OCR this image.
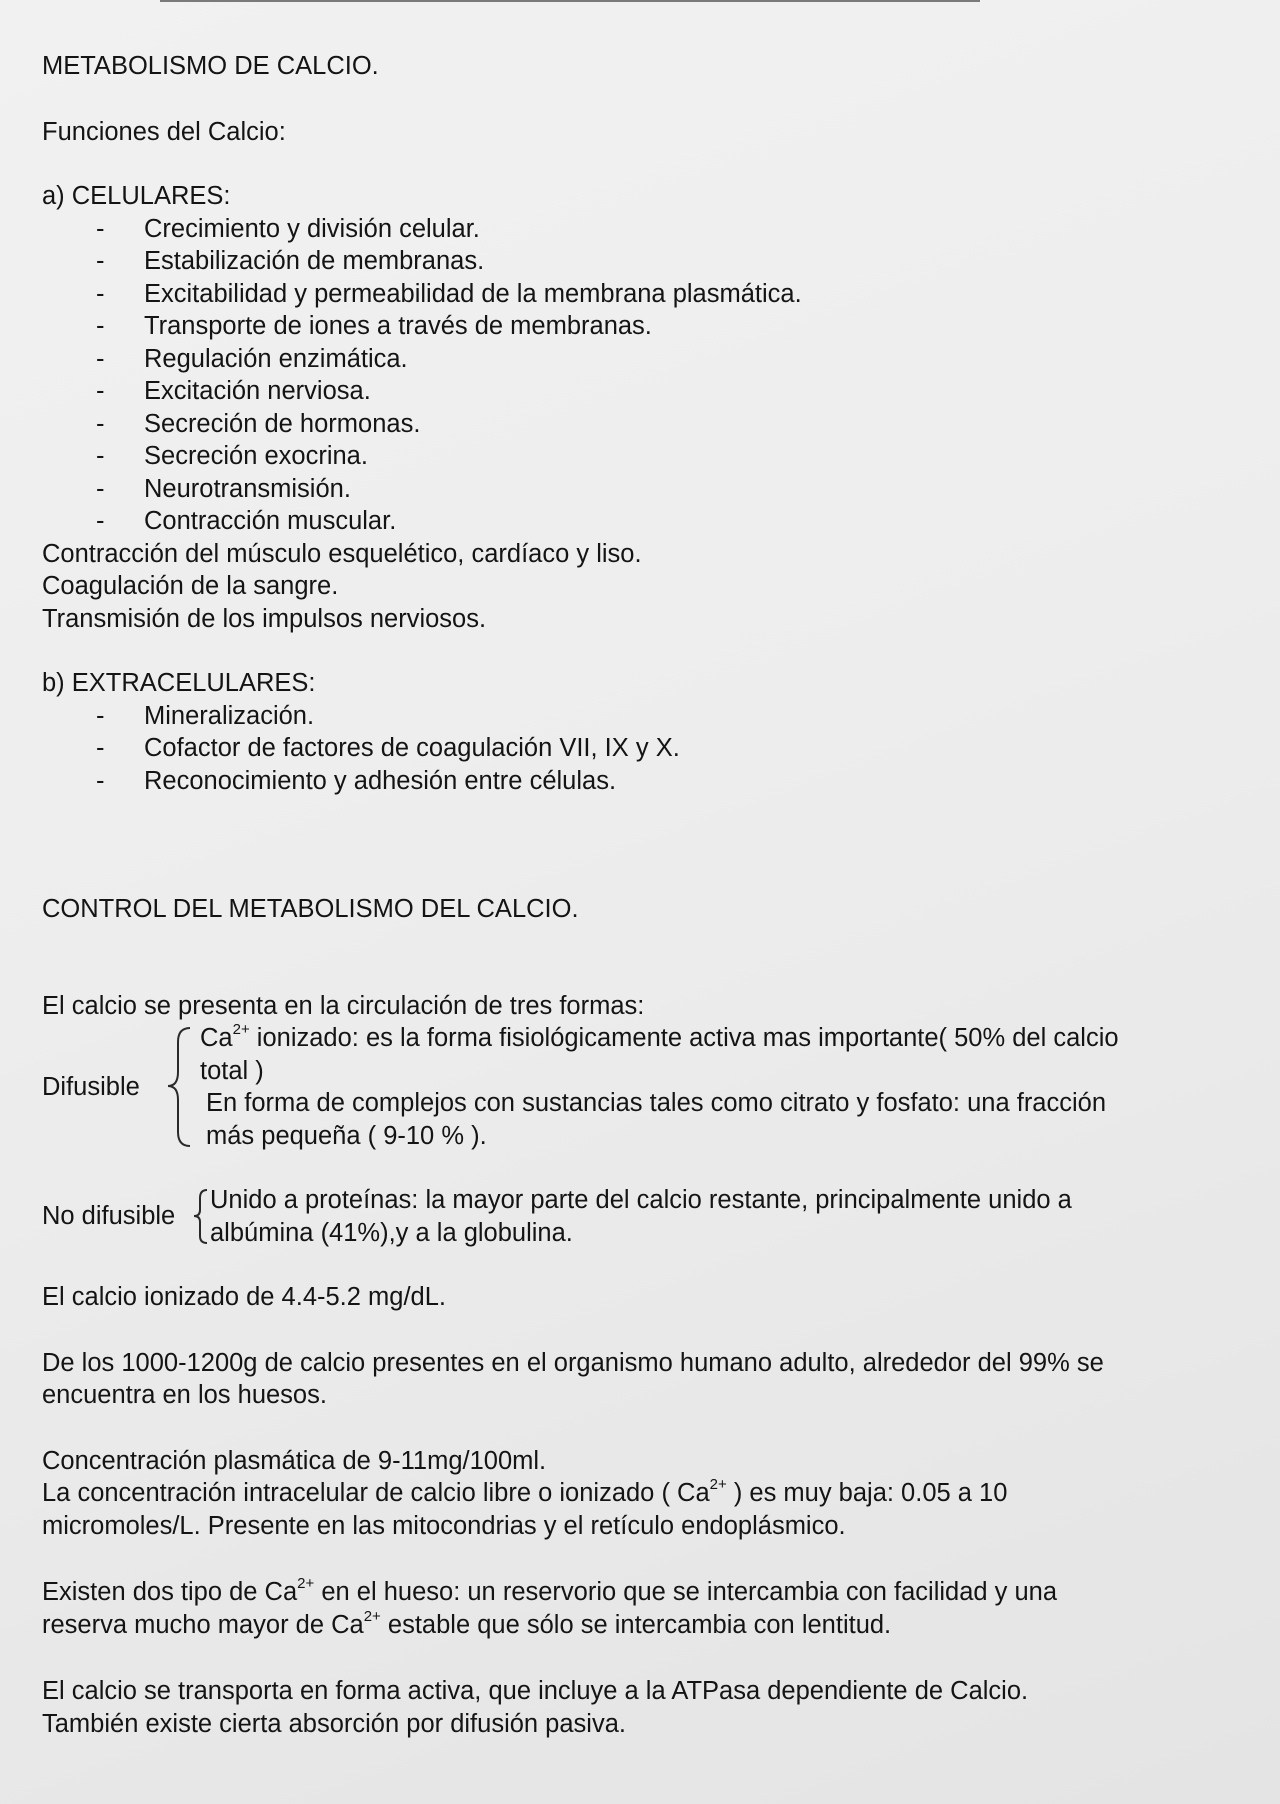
METABOLISMO DE CALCIO.

Funciones del Calcio:

a) CELULARES:

- Crecimiento y división celular.
- Estabilización de membranas.
- Excitabilidad y permeabilidad de la membrana plasmática.
- Transporte de iones a través de membranas.
- Regulación enzimática.
- Excitación nerviosa.
- Secreción de hormonas.
- Secreción exocrina.
- Neurotransmisión.
- Contracción muscular.

Contracción del músculo esquelético, cardíaco y liso.

Coagulación de la sangre.

Transmisión de los impulsos nerviosos.

b) EXTRACELULARES:

- Mineralización.
- Cofactor de factores de coagulación VII, IX y X.
- Reconocimiento y adhesión entre células.

CONTROL DEL METABOLISMO DEL CALCIO.

El calcio se presenta en la circulación de tres formas:

Difusible

$Ca^{2+}$ ionizado: es la forma fisiológicamente activa mas importante( 50% del calcio

total )

En forma de complejos con sustancias tales como citrato y fosfato: una fracción

más pequeña ( 9-10 % ).

No difusible

Unido a proteínas: la mayor parte del calcio restante, principalmente unido a

albúmina (41%),y a la globulina.

El calcio ionizado de 4.4-5.2 mg/dL.

De los 1000-1200g de calcio presentes en el organismo humano adulto, alrededor del 99% se

encuentra en los huesos.

Concentración plasmática de 9-11mg/100ml.

La concentración intracelular de calcio libre o ionizado ( $Ca^{2+}$ ) es muy baja: 0.05 a 10

micromoles/L. Presente en las mitocondrias y el retículo endoplásmico.

Existen dos tipo de $Ca^{2+}$ en el hueso: un reservorio que se intercambia con facilidad y una

reserva mucho mayor de $Ca^{2+}$ estable que sólo se intercambia con lentitud.

El calcio se transporta en forma activa, que incluye a la ATPasa dependiente de Calcio.

También existe cierta absorción por difusión pasiva.
